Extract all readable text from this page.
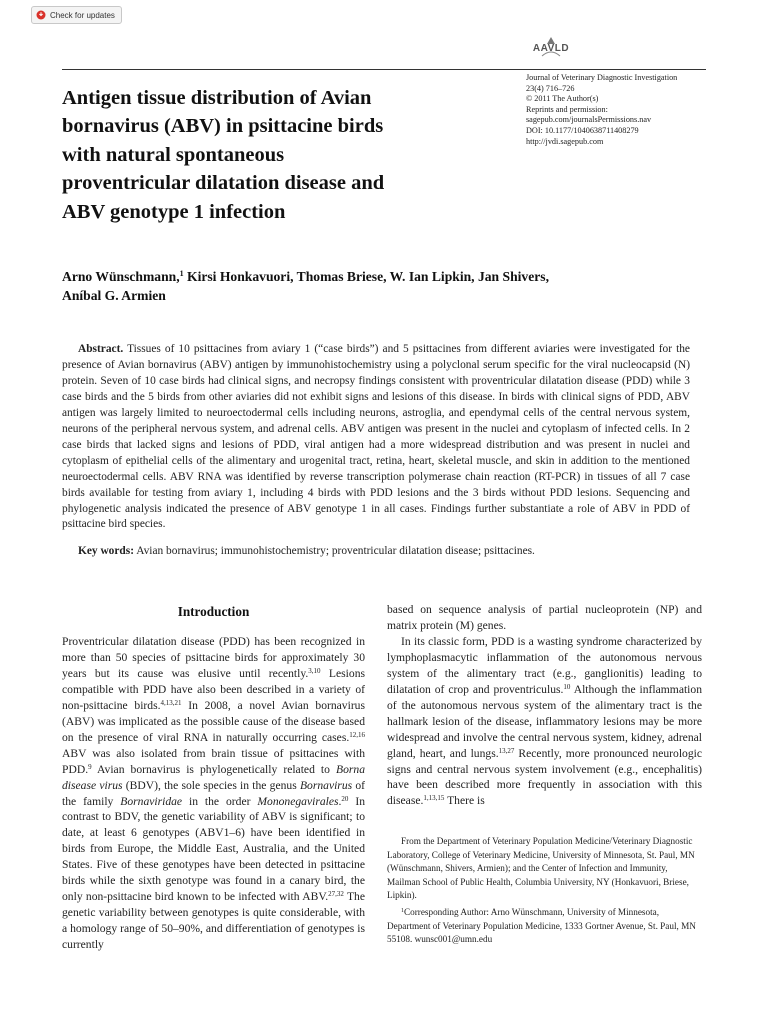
Check for updates
AAVLD
Journal of Veterinary Diagnostic Investigation
23(4) 716–726
© 2011 The Author(s)
Reprints and permission:
sagepub.com/journalsPermissions.nav
DOI: 10.1177/1040638711408279
http://jvdi.sagepub.com
Antigen tissue distribution of Avian
bornavirus (ABV) in psittacine birds
with natural spontaneous
proventricular dilatation disease and
ABV genotype 1 infection
Arno Wünschmann,$^1$ Kirsi Honkavuori, Thomas Briese, W. Ian Lipkin, Jan Shivers,
Aníbal G. Armien
Abstract. Tissues of 10 psittacines from aviary 1 (“case birds”) and 5 psittacines from different aviaries were investigated for the presence of Avian bornavirus (ABV) antigen by immunohistochemistry using a polyclonal serum specific for the viral nucleocapsid (N) protein. Seven of 10 case birds had clinical signs, and necropsy findings consistent with proventricular dilatation disease (PDD) while 3 case birds and the 5 birds from other aviaries did not exhibit signs and lesions of this disease. In birds with clinical signs of PDD, ABV antigen was largely limited to neuroectodermal cells including neurons, astroglia, and ependymal cells of the central nervous system, neurons of the peripheral nervous system, and adrenal cells. ABV antigen was present in the nuclei and cytoplasm of infected cells. In 2 case birds that lacked signs and lesions of PDD, viral antigen had a more widespread distribution and was present in nuclei and cytoplasm of epithelial cells of the alimentary and urogenital tract, retina, heart, skeletal muscle, and skin in addition to the mentioned neuroectodermal cells. ABV RNA was identified by reverse transcription polymerase chain reaction (RT-PCR) in tissues of all 7 case birds available for testing from aviary 1, including 4 birds with PDD lesions and the 3 birds without PDD lesions. Sequencing and phylogenetic analysis indicated the presence of ABV genotype 1 in all cases. Findings further substantiate a role of ABV in PDD of psittacine bird species.
Key words: Avian bornavirus; immunohistochemistry; proventricular dilatation disease; psittacines.
Introduction

Proventricular dilatation disease (PDD) has been recognized in more than 50 species of psittacine birds for approximately 30 years but its cause was elusive until recently.$^{3,10}$ Lesions compatible with PDD have also been described in a variety of non-psittacine birds.$^{4,13,21}$ In 2008, a novel Avian bornavirus (ABV) was implicated as the possible cause of the disease based on the presence of viral RNA in naturally occurring cases.$^{12,16}$ ABV was also isolated from brain tissue of psittacines with PDD.$^9$ Avian bornavirus is phylogenetically related to Borna disease virus (BDV), the sole species in the genus Bornavirus of the family Bornaviridae in the order Mononegavirales.$^{20}$ In contrast to BDV, the genetic variability of ABV is significant; to date, at least 6 genotypes (ABV1–6) have been identified in birds from Europe, the Middle East, Australia, and the United States. Five of these genotypes have been detected in psittacine birds while the sixth genotype was found in a canary bird, the only non-psittacine bird known to be infected with ABV.$^{27,32}$ The genetic variability between genotypes is quite considerable, with a homology range of 50–90%, and differentiation of genotypes is currently

based on sequence analysis of partial nucleoprotein (NP) and matrix protein (M) genes.

In its classic form, PDD is a wasting syndrome characterized by lymphoplasmacytic inflammation of the autonomous nervous system of the alimentary tract (e.g., ganglionitis) leading to dilatation of crop and proventriculus.$^{10}$ Although the inflammation of the autonomous nervous system of the alimentary tract is the hallmark lesion of the disease, inflammatory lesions may be more widespread and involve the central nervous system, kidney, adrenal gland, heart, and lungs.$^{13,27}$ Recently, more pronounced neurologic signs and central nervous system involvement (e.g., encephalitis) have been described more frequently in association with this disease.$^{1,13,15}$ There is

From the Department of Veterinary Population Medicine/Veterinary Diagnostic Laboratory, College of Veterinary Medicine, University of Minnesota, St. Paul, MN (Wünschmann, Shivers, Armien); and the Center of Infection and Immunity, Mailman School of Public Health, Columbia University, NY (Honkavuori, Briese, Lipkin).
$^1$Corresponding Author: Arno Wünschmann, University of Minnesota, Department of Veterinary Population Medicine, 1333 Gortner Avenue, St. Paul, MN 55108. wunsc001@umn.edu
